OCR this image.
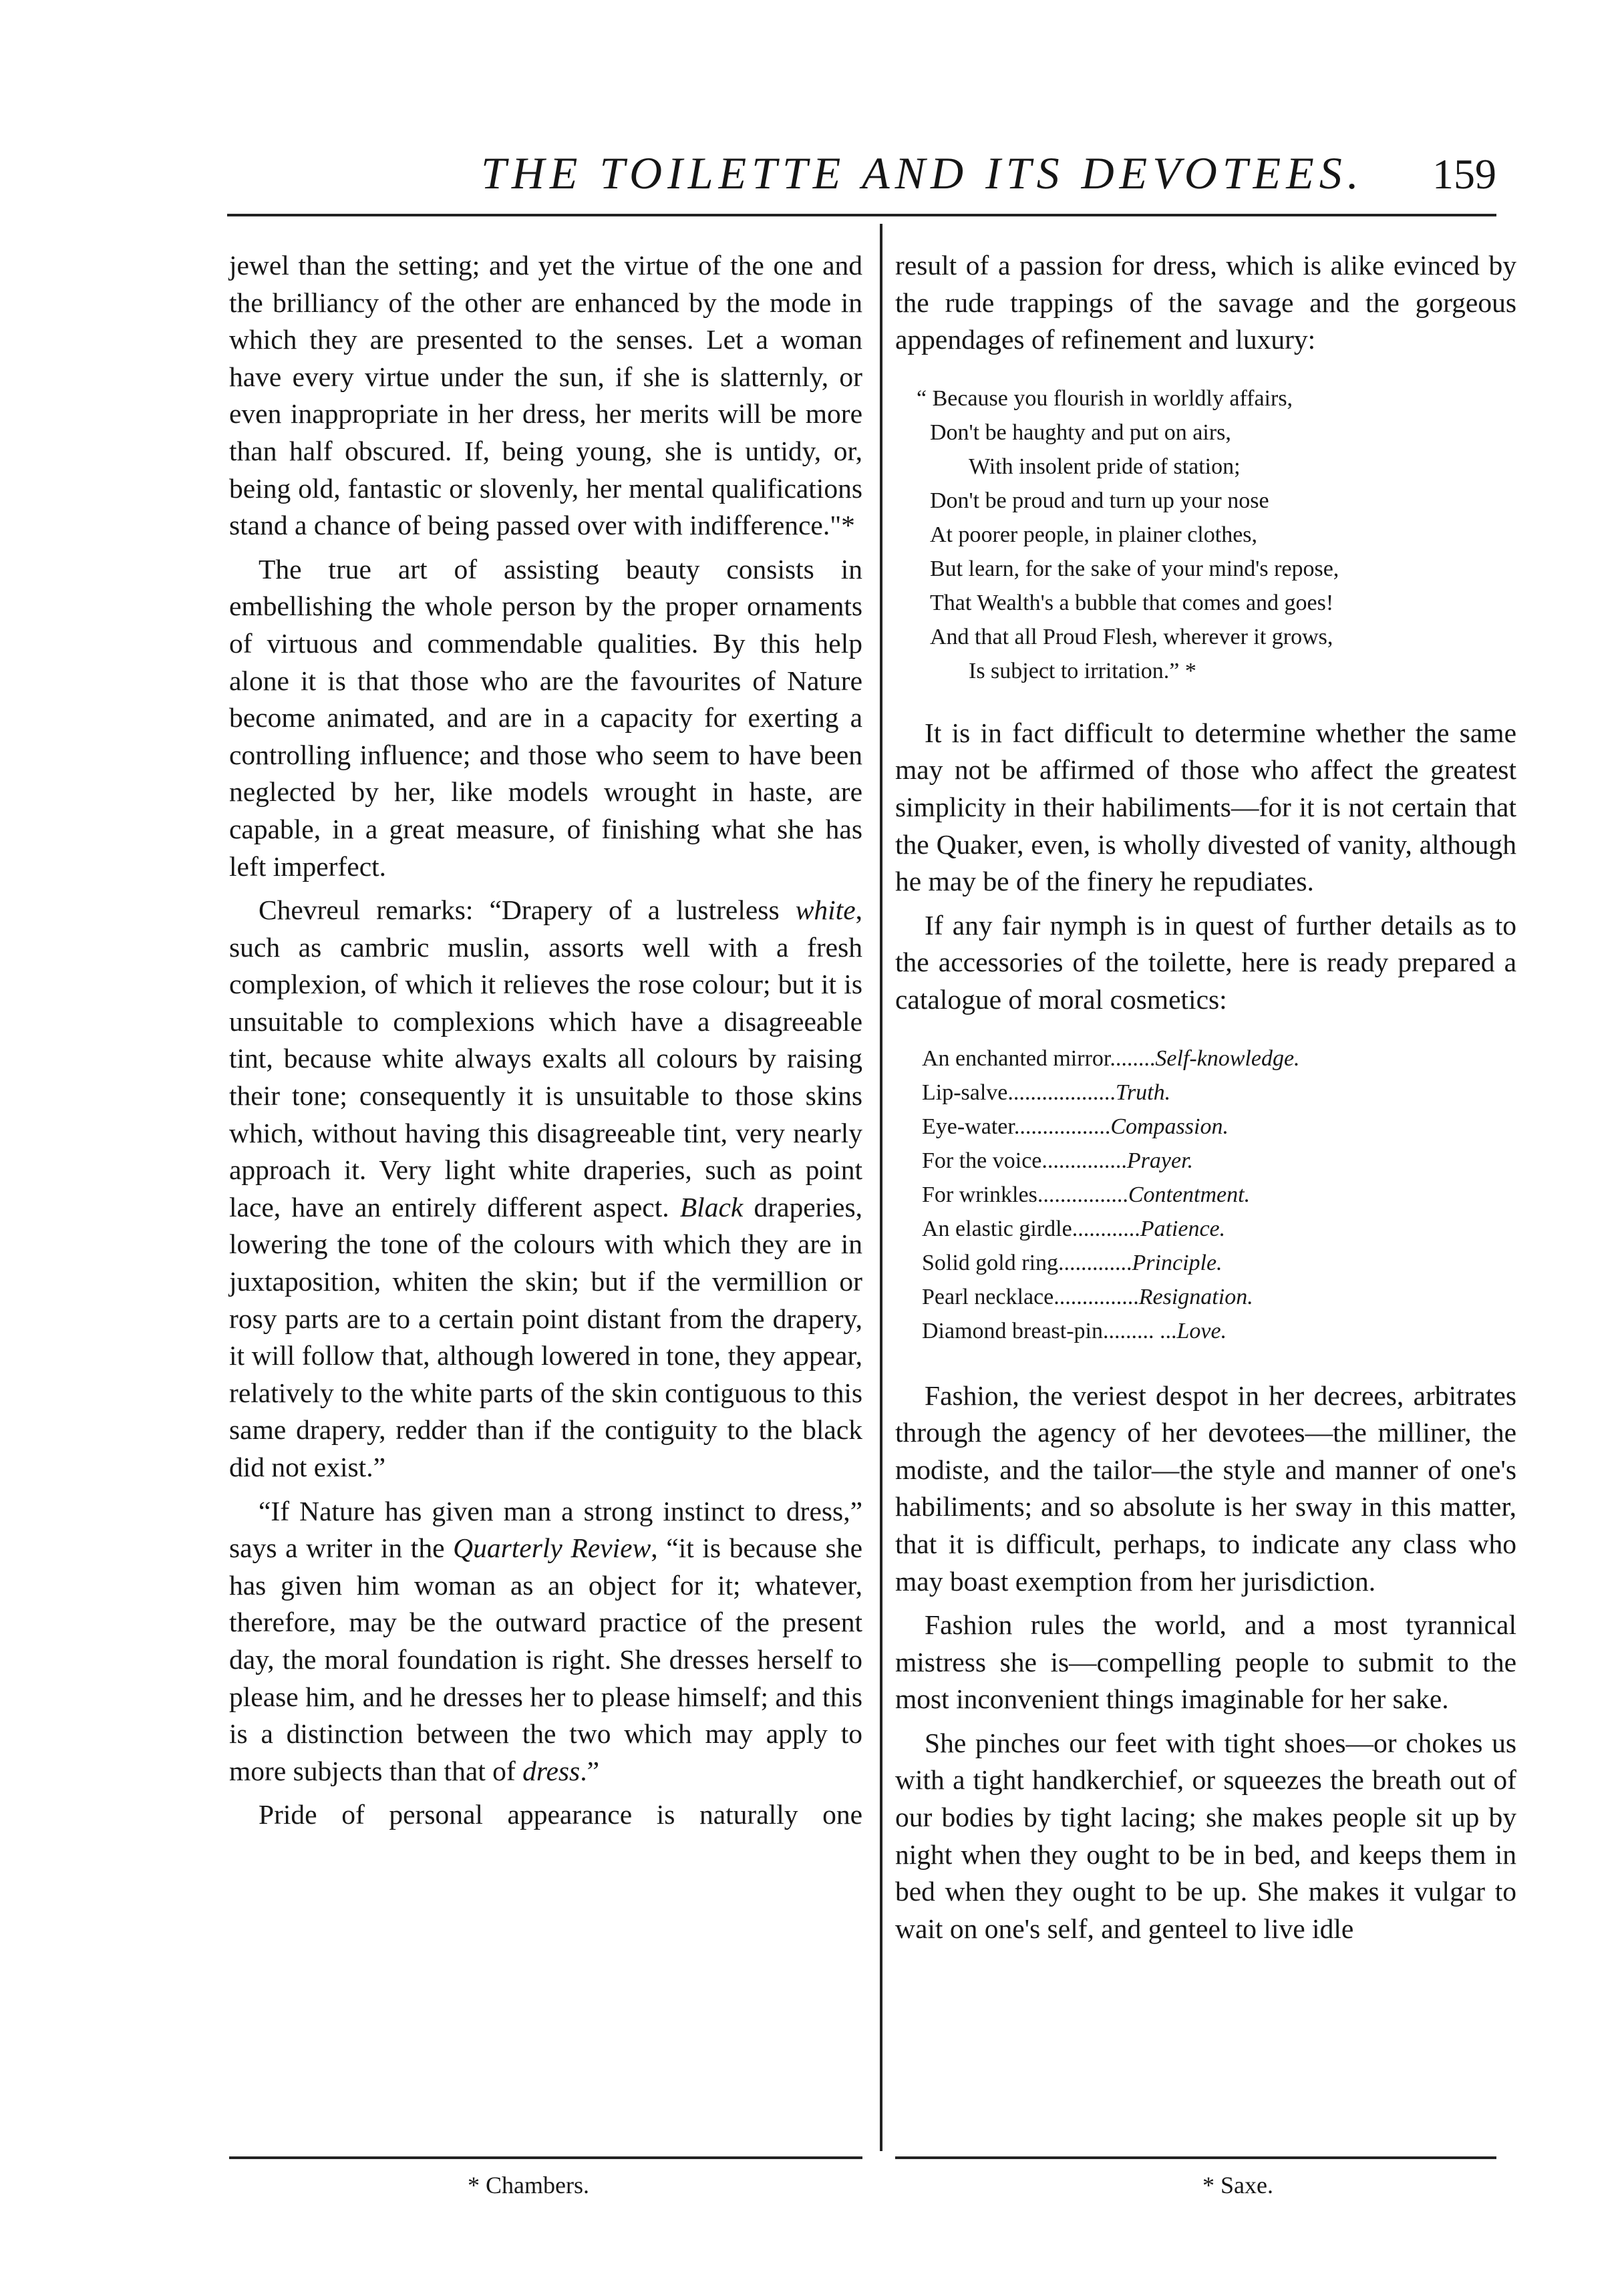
THE TOILETTE AND ITS DEVOTEES. 159

jewel than the setting; and yet the virtue of the one and the brilliancy of the other are enhanced by the mode in which they are presented to the senses. Let a woman have every virtue under the sun, if she is slatternly, or even inappropriate in her dress, her merits will be more than half obscured. If, being young, she is untidy, or, being old, fantastic or slovenly, her mental qualifications stand a chance of being passed over with indifference."*

The true art of assisting beauty consists in embellishing the whole person by the proper ornaments of virtuous and commendable qualities. By this help alone it is that those who are the favourites of Nature become animated, and are in a capacity for exerting a controlling influence; and those who seem to have been neglected by her, like models wrought in haste, are capable, in a great measure, of finishing what she has left imperfect.

Chevreul remarks: “Drapery of a lustreless white, such as cambric muslin, assorts well with a fresh complexion, of which it relieves the rose colour; but it is unsuitable to complexions which have a disagreeable tint, because white always exalts all colours by raising their tone; consequently it is unsuitable to those skins which, without having this disagreeable tint, very nearly approach it. Very light white draperies, such as point lace, have an entirely different aspect. Black draperies, lowering the tone of the colours with which they are in juxtaposition, whiten the skin; but if the vermillion or rosy parts are to a certain point distant from the drapery, it will follow that, although lowered in tone, they appear, relatively to the white parts of the skin contiguous to this same drapery, redder than if the contiguity to the black did not exist.”

“If Nature has given man a strong instinct to dress,” says a writer in the Quarterly Review, “it is because she has given him woman as an object for it; whatever, therefore, may be the outward practice of the present day, the moral foundation is right. She dresses herself to please him, and he dresses her to please himself; and this is a distinction between the two which may apply to more subjects than that of dress.”

Pride of personal appearance is naturally one

result of a passion for dress, which is alike evinced by the rude trappings of the savage and the gorgeous appendages of refinement and luxury:

“ Because you flourish in worldly affairs,
Don't be haughty and put on airs,
With insolent pride of station;
Don't be proud and turn up your nose
At poorer people, in plainer clothes,
But learn, for the sake of your mind's repose,
That Wealth's a bubble that comes and goes!
And that all Proud Flesh, wherever it grows,
Is subject to irritation.” *

It is in fact difficult to determine whether the same may not be affirmed of those who affect the greatest simplicity in their habiliments—for it is not certain that the Quaker, even, is wholly divested of vanity, although he may be of the finery he repudiates.

If any fair nymph is in quest of further details as to the accessories of the toilette, here is ready prepared a catalogue of moral cosmetics:

An enchanted mirror........Self-knowledge.
Lip-salve...................Truth.
Eye-water.................Compassion.
For the voice...............Prayer.
For wrinkles................Contentment.
An elastic girdle............Patience.
Solid gold ring.............Principle.
Pearl necklace...............Resignation.
Diamond breast-pin......... ...Love.

Fashion, the veriest despot in her decrees, arbitrates through the agency of her devotees—the milliner, the modiste, and the tailor—the style and manner of one's habiliments; and so absolute is her sway in this matter, that it is difficult, perhaps, to indicate any class who may boast exemption from her jurisdiction.

Fashion rules the world, and a most tyrannical mistress she is—compelling people to submit to the most inconvenient things imaginable for her sake.

She pinches our feet with tight shoes—or chokes us with a tight handkerchief, or squeezes the breath out of our bodies by tight lacing; she makes people sit up by night when they ought to be in bed, and keeps them in bed when they ought to be up. She makes it vulgar to wait on one's self, and genteel to live idle

* Chambers.	* Saxe.
